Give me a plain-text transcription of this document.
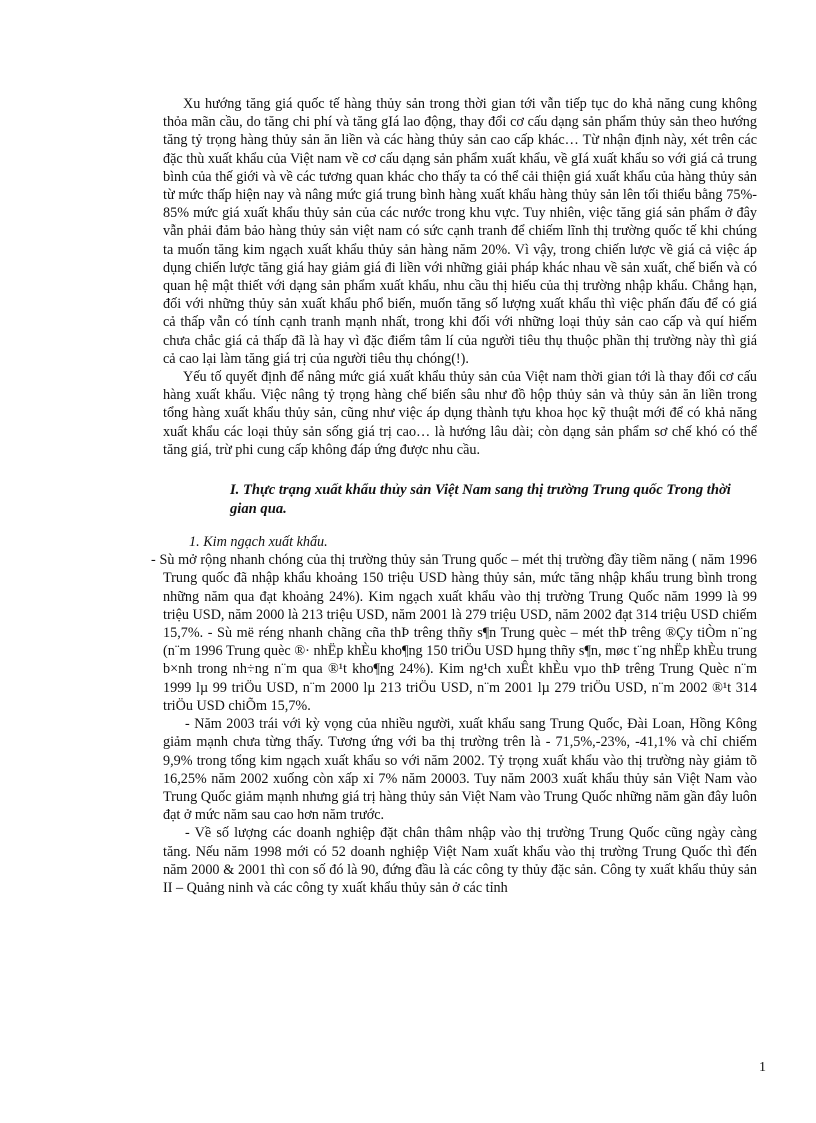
Xu hướng tăng giá quốc tế hàng thủy sản trong thời gian tới vẫn tiếp tục do khả năng cung không thỏa mãn cầu, do tăng chi phí và tăng gIá lao động, thay đổi cơ cấu dạng sản phẩm thủy sản theo hướng tăng tỷ trọng hàng thủy sản ăn liền và các hàng thủy sản cao cấp khác… Từ nhận định này, xét trên các đặc thù xuất khẩu của Việt nam về cơ cấu dạng sản phẩm xuất khẩu, về gIá xuất khẩu so với giá cả trung bình của thế giới và về các tương quan khác cho thấy ta có thể cải thiện giá xuất khẩu của hàng thủy sản từ mức thấp hiện nay và nâng mức giá trung bình hàng xuất khẩu hàng thủy sản lên tối thiểu bằng 75%- 85% mức giá xuất khẩu thủy sản của các nước trong khu vực. Tuy nhiên, việc tăng giá sản phẩm ở đây vẫn phải đảm bảo hàng thủy sản việt nam có sức cạnh tranh để chiếm lĩnh thị trường quốc tế khi chúng ta muốn tăng kim ngạch xuất khẩu thủy sản hàng năm 20%. Vì vậy, trong chiến lược về giá cả việc áp dụng chiến lược tăng giá hay giảm giá đi liền với những giải pháp khác nhau về sản xuất, chế biến và có quan hệ mật thiết với dạng sản phẩm xuất khẩu, nhu cầu thị hiếu của thị trường nhập khẩu. Chẳng hạn, đối với những thủy sản xuất khẩu phổ biến, muốn tăng số lượng xuất khẩu thì việc phấn đấu để có giá cả thấp vẫn có tính cạnh tranh mạnh nhất, trong khi đối với những loại thủy sản cao cấp và quí hiếm chưa chắc giá cả thấp đã là hay vì đặc điểm tâm lí của người tiêu thụ thuộc phần thị trường này thì giá cả cao lại làm tăng giá trị của người tiêu thụ chóng(!).

Yếu tố quyết định để nâng mức giá xuất khẩu thủy sản của Việt nam thời gian tới là thay đổi cơ cấu hàng xuất khẩu. Việc nâng tỷ trọng hàng chế biến sâu như đồ hộp thủy sản và thủy sản ăn liền trong tổng hàng xuất khẩu thủy sản, cũng như việc áp dụng thành tựu khoa học kỹ thuật mới để có khả năng xuất khẩu các loại thủy sản sống giá trị cao… là hướng lâu dài; còn dạng sản phẩm sơ chế khó có thể tăng giá, trừ phi cung cấp không đáp ứng được nhu cầu.

I. Thực trạng xuất khẩu thủy sản Việt Nam sang thị trường Trung quốc Trong thời gian qua.

1. Kim ngạch xuất khẩu.

- Sù mở rộng nhanh chóng của thị trường thủy sản Trung quốc – mét thị trường đầy tiềm năng ( năm 1996 Trung quốc đã nhập khẩu khoảng 150 triệu USD hàng thủy sản, mức tăng nhập khẩu trung bình trong những năm qua đạt khoảng 24%). Kim ngạch xuất khẩu vào thị trường Trung Quốc năm 1999 là 99 triệu USD, năm 2000 là 213 triệu USD, năm 2001 là 279 triệu USD, năm 2002 đạt 314 triệu USD chiếm 15,7%. - Sù më réng nhanh chãng cña thÞ trêng thñy s¶n Trung quèc – mét thÞ trêng ®Çy tiÒm n¨ng (n¨m 1996 Trung quèc ®· nhËp khÈu kho¶ng 150 triÖu USD hµng thñy s¶n, møc t¨ng nhËp khÈu trung b×nh trong nh÷ng n¨m qua ®¹t kho¶ng 24%). Kim ng¹ch xuÊt khÈu vµo thÞ trêng Trung Quèc n¨m 1999 lµ 99 triÖu USD, n¨m 2000 lµ 213 triÖu USD, n¨m 2001 lµ 279 triÖu USD, n¨m 2002 ®¹t 314 triÖu USD chiÕm 15,7%.

- Năm 2003 trái với kỳ vọng của nhiều người, xuất khẩu sang Trung Quốc, Đài Loan, Hồng Kông giảm mạnh chưa từng thấy. Tương ứng với ba thị trường trên là - 71,5%,-23%, -41,1% và chỉ chiếm 9,9% trong tổng kim ngạch xuất khẩu so với năm 2002. Tỷ trọng xuất khẩu vào thị trường này giảm tõ 16,25% năm 2002 xuống còn xấp xỉ 7% năm 20003. Tuy năm 2003 xuất khẩu thủy sản Việt Nam vào Trung Quốc giảm mạnh nhưng giá trị hàng thủy sản Việt Nam vào Trung Quốc những năm gần đây luôn đạt ở mức năm sau cao hơn năm trước.

- Về số lượng các doanh nghiệp đặt chân thâm nhập vào thị trường Trung Quốc cũng ngày càng tăng. Nếu năm 1998 mới có 52 doanh nghiệp Việt Nam xuất khẩu vào thị trường Trung Quốc thì đến năm 2000 & 2001 thì con số đó là 90, đứng đầu là các công ty thủy đặc sản. Công ty xuất khẩu thủy sản II – Quảng ninh và các công ty xuất khẩu thủy sản ở các tỉnh

1
